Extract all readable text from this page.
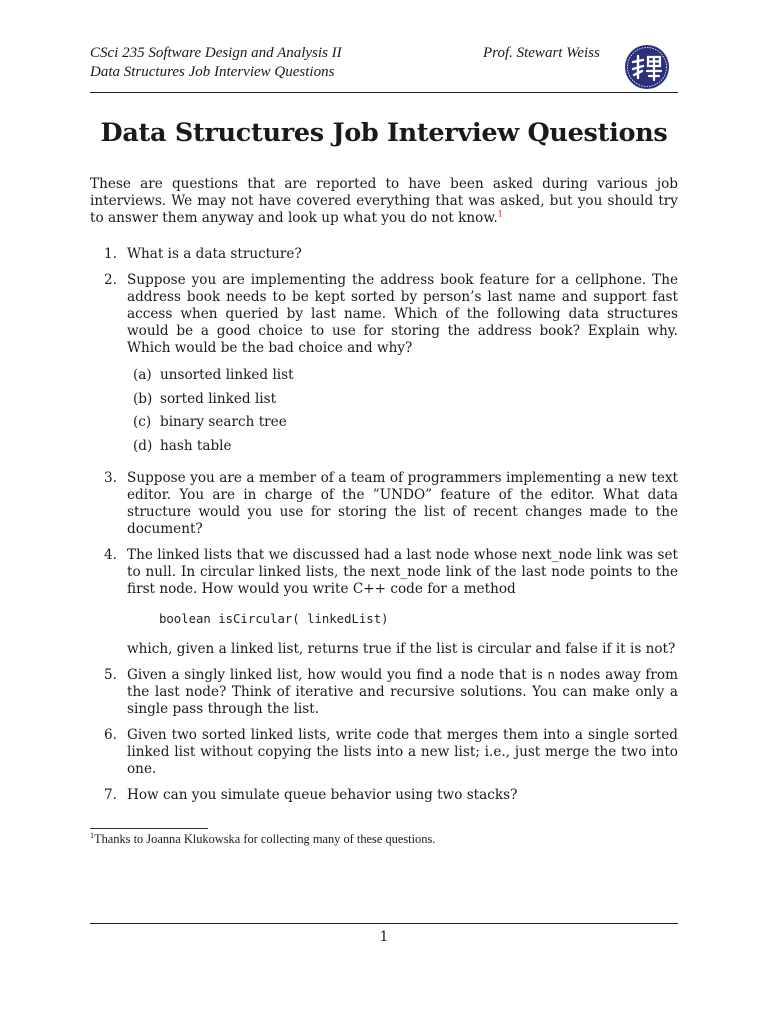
CSci 235 Software Design and Analysis II
Data Structures Job Interview Questions
Prof. Stewart Weiss
Data Structures Job Interview Questions
These are questions that are reported to have been asked during various job interviews. We may not have covered everything that was asked, but you should try to answer them anyway and look up what you do not know.$^1$
1. What is a data structure?
2. Suppose you are implementing the address book feature for a cellphone. The address book needs to be kept sorted by person’s last name and support fast access when queried by last name. Which of the following data structures would be a good choice to use for storing the address book? Explain why. Which would be the bad choice and why?
(a) unsorted linked list
(b) sorted linked list
(c) binary search tree
(d) hash table
3. Suppose you are a member of a team of programmers implementing a new text editor. You are in charge of the ”UNDO” feature of the editor. What data structure would you use for storing the list of recent changes made to the document?
4. The linked lists that we discussed had a last node whose next_node link was set to null. In circular linked lists, the next_node link of the last node points to the first node. How would you write C++ code for a method
boolean isCircular( linkedList)
which, given a linked list, returns true if the list is circular and false if it is not?
5. Given a singly linked list, how would you find a node that is n nodes away from the last node? Think of iterative and recursive solutions. You can make only a single pass through the list.
6. Given two sorted linked lists, write code that merges them into a single sorted linked list without copying the lists into a new list; i.e., just merge the two into one.
7. How can you simulate queue behavior using two stacks?
$^1$Thanks to Joanna Klukowska for collecting many of these questions.
1
